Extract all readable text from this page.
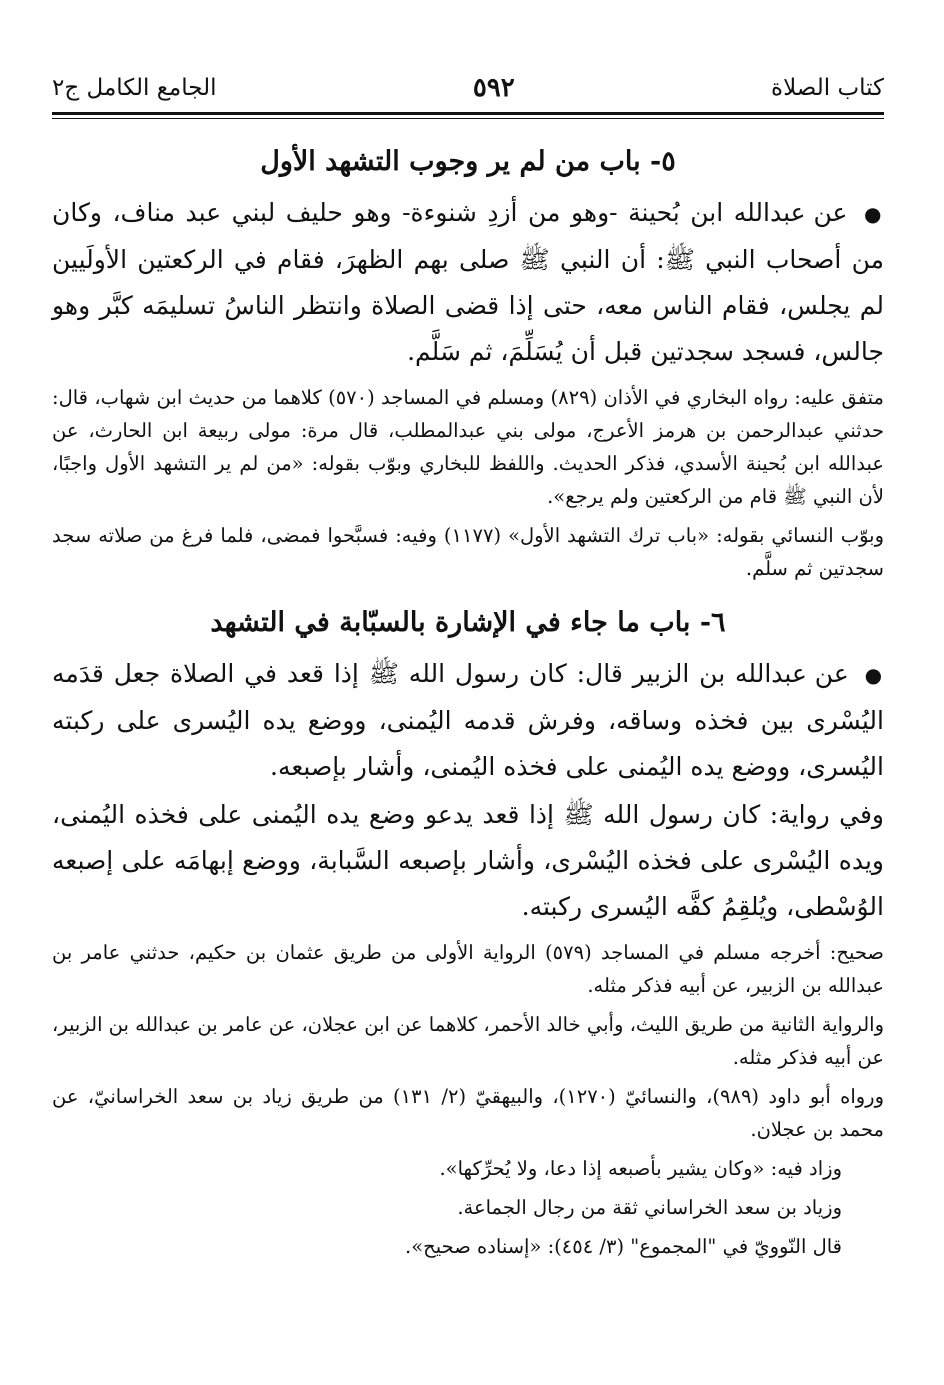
كتاب الصلاة
٥٩٢
الجامع الكامل ج٢
٥- باب من لم ير وجوب التشهد الأول

● عن عبدالله ابن بُحينة -وهو من أزدِ شنوءة- وهو حليف لبني عبد مناف، وكان من أصحاب النبي ﷺ: أن النبي ﷺ صلى بهم الظهرَ، فقام في الركعتين الأولَيين لم يجلس، فقام الناس معه، حتى إذا قضى الصلاة وانتظر الناسُ تسليمَه كبَّر وهو جالس، فسجد سجدتين قبل أن يُسَلِّمَ، ثم سَلَّم.

متفق عليه: رواه البخاري في الأذان (٨٢٩) ومسلم في المساجد (٥٧٠) كلاهما من حديث ابن شهاب، قال: حدثني عبدالرحمن بن هرمز الأعرج، مولى بني عبدالمطلب، قال مرة: مولى ربيعة ابن الحارث، عن عبدالله ابن بُحينة الأسدي، فذكر الحديث. واللفظ للبخاري وبوّب بقوله: «من لم ير التشهد الأول واجبًا، لأن النبي ﷺ قام من الركعتين ولم يرجع».

وبوّب النسائي بقوله: «باب ترك التشهد الأول» (١١٧٧) وفيه: فسبَّحوا فمضى، فلما فرغ من صلاته سجد سجدتين ثم سلَّم.

٦- باب ما جاء في الإشارة بالسبّابة في التشهد

● عن عبدالله بن الزبير قال: كان رسول الله ﷺ إذا قعد في الصلاة جعل قدَمه اليُسْرى بين فخذه وساقه، وفرش قدمه اليُمنى، ووضع يده اليُسرى على ركبته اليُسرى، ووضع يده اليُمنى على فخذه اليُمنى، وأشار بإصبعه.

وفي رواية: كان رسول الله ﷺ إذا قعد يدعو وضع يده اليُمنى على فخذه اليُمنى، ويده اليُسْرى على فخذه اليُسْرى، وأشار بإصبعه السَّبابة، ووضع إبهامَه على إصبعه الوُسْطى، ويُلقِمُ كفَّه اليُسرى ركبته.

صحيح: أخرجه مسلم في المساجد (٥٧٩) الرواية الأولى من طريق عثمان بن حكيم، حدثني عامر بن عبدالله بن الزبير، عن أبيه فذكر مثله.

والرواية الثانية من طريق الليث، وأبي خالد الأحمر، كلاهما عن ابن عجلان، عن عامر بن عبدالله بن الزبير، عن أبيه فذكر مثله.

ورواه أبو داود (٩٨٩)، والنسائيّ (١٢٧٠)، والبيهقيّ (٢/ ١٣١) من طريق زياد بن سعد الخراسانيّ، عن محمد بن عجلان.

وزاد فيه: «وكان يشير بأصبعه إذا دعا، ولا يُحرِّكها».

وزياد بن سعد الخراساني ثقة من رجال الجماعة.

قال النّوويّ في "المجموع" (٣/ ٤٥٤): «إسناده صحيح».
